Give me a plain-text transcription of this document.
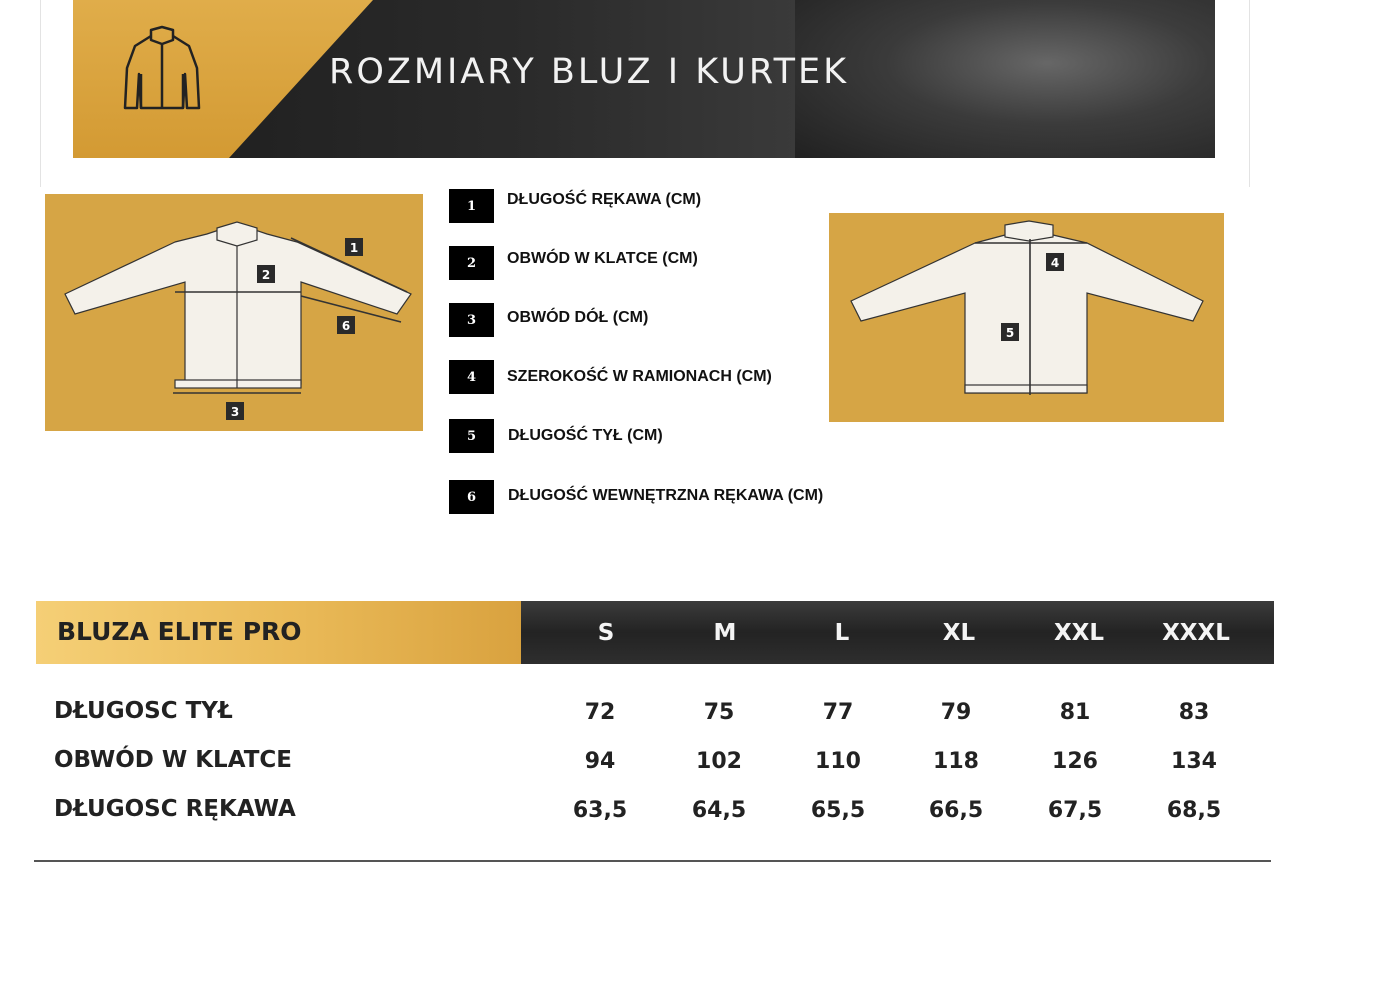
ROZMIARY BLUZ I KURTEK
1
2
3
6
4
5
1	DŁUGOŚĆ RĘKAWA (CM)
2	OBWÓD W KLATCE (CM)
3	OBWÓD DÓŁ (CM)
4	SZEROKOŚĆ W RAMIONACH (CM)
5	DŁUGOŚĆ TYŁ (CM)
6	DŁUGOŚĆ WEWNĘTRZNA RĘKAWA (CM)
BLUZA ELITE PRO	S	M	L	XL	XXL	XXXL
DŁUGOSC TYŁ	72	75	77	79	81	83
OBWÓD W KLATCE	94	102	110	118	126	134
DŁUGOSC RĘKAWA	63,5	64,5	65,5	66,5	67,5	68,5
